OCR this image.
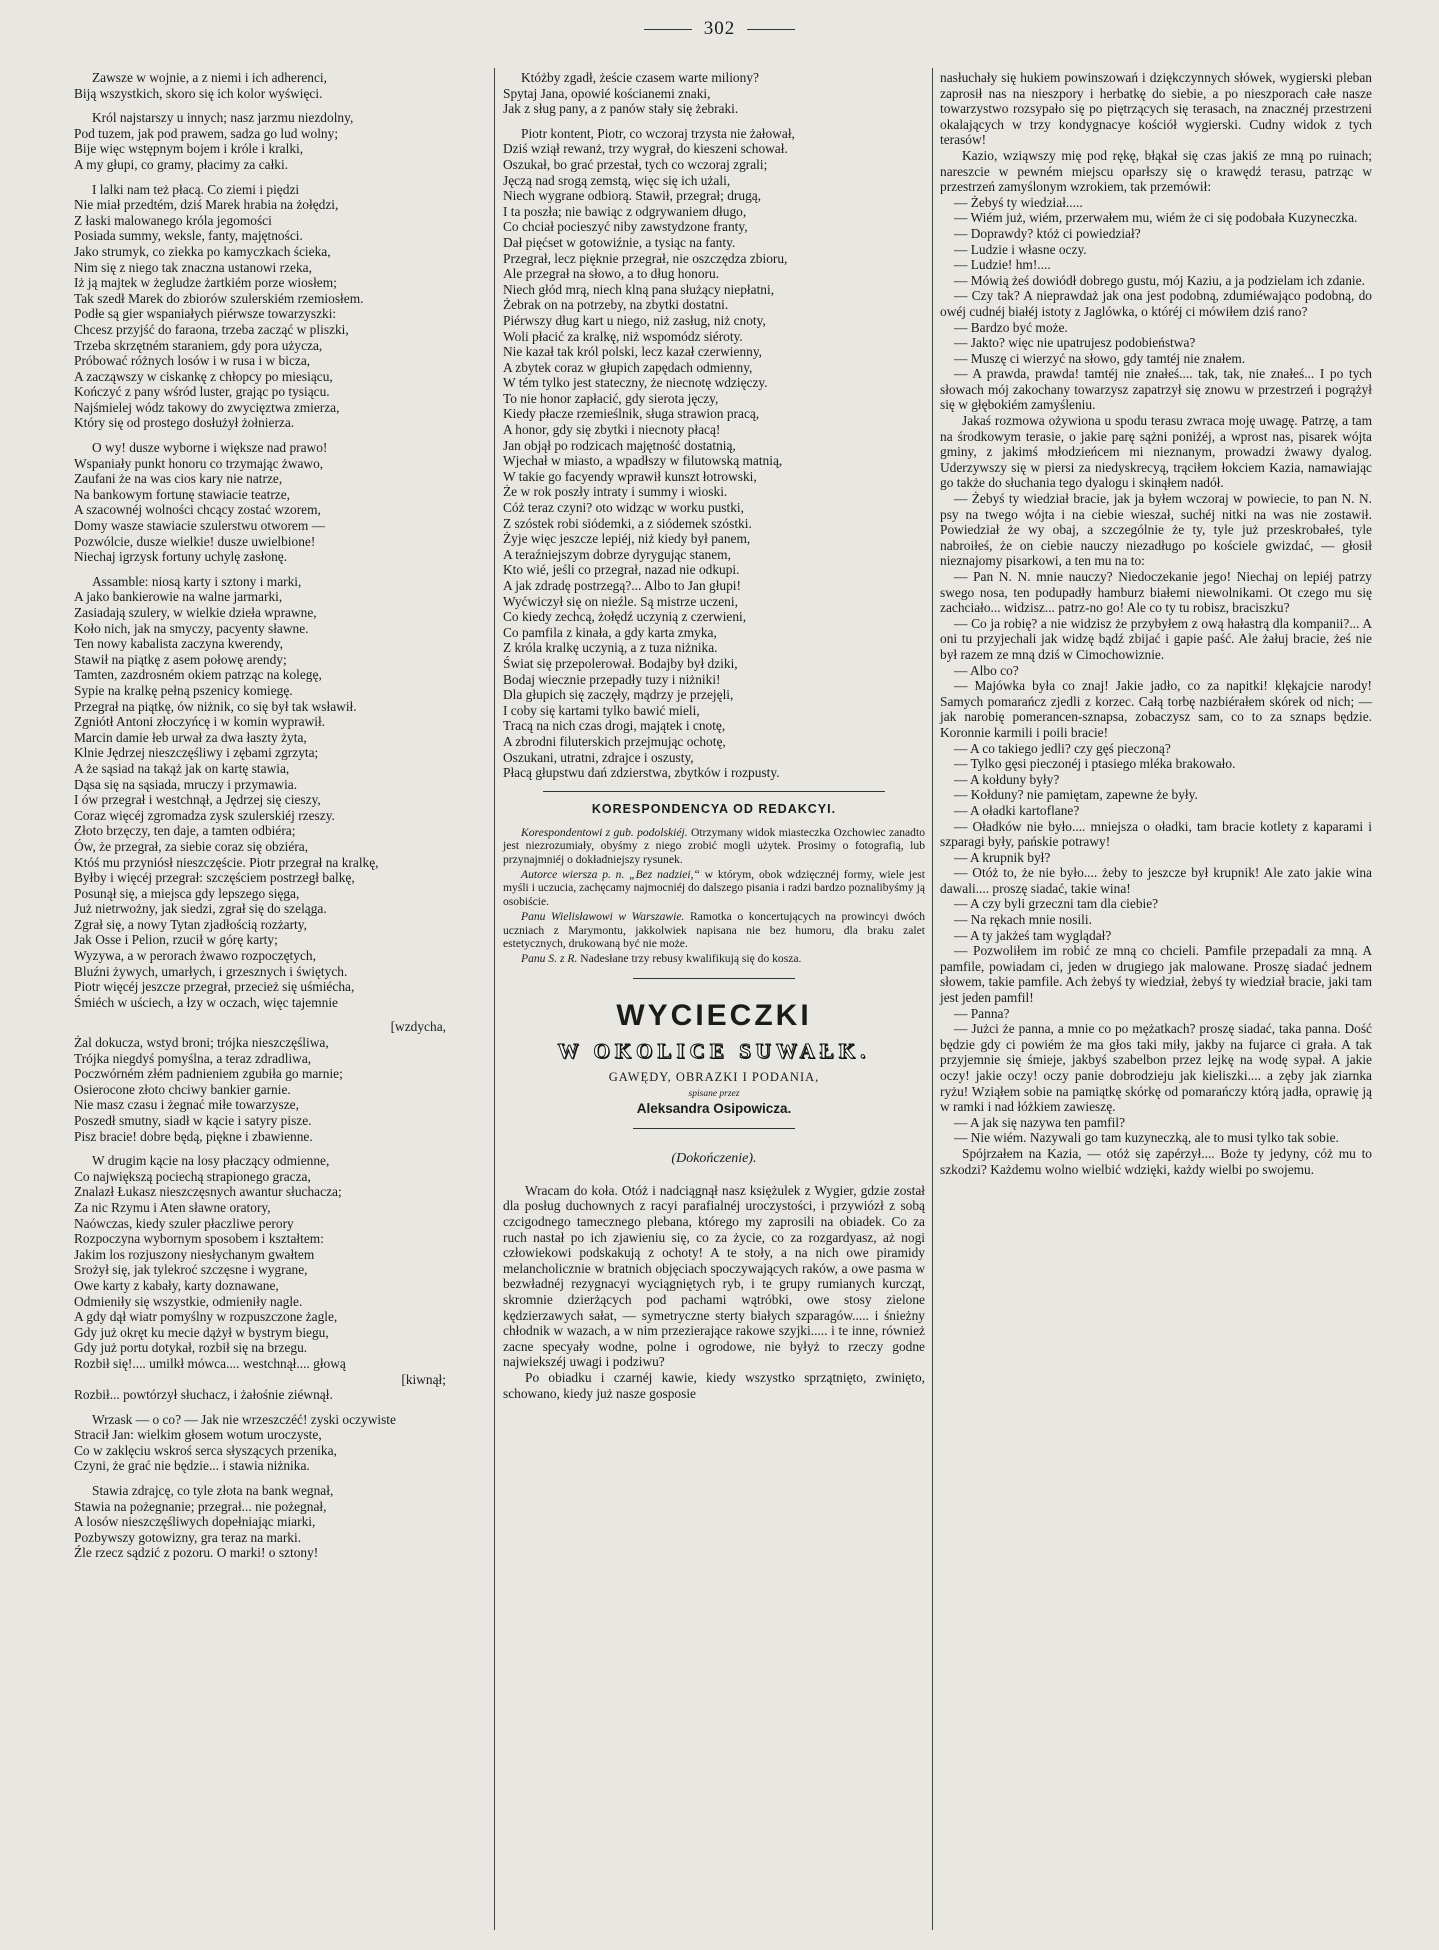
302
Zawsze w wojnie, a z niemi i ich adherenci,
Biją wszystkich, skoro się ich kolor wyświęci.
Król najstarszy u innych; nasz jarzmu niezdolny,
Pod tuzem, jak pod prawem, sadza go lud wolny;
Bije więc wstępnym bojem i króle i kralki,
A my głupi, co gramy, płacimy za całki.
I lalki nam też płacą. Co ziemi i piędzi
Nie miał przedtém, dziś Marek hrabia na żołędzi,
Z łaski malowanego króla jegomości
Posiada summy, weksle, fanty, majętności.
Jako strumyk, co ziekka po kamyczkach ścieka,
Nim się z niego tak znaczna ustanowi rzeka,
Iż ją majtek w żegludze żartkiém porze wiosłem;
Tak szedł Marek do zbiorów szulerskiém rzemiosłem.
Podłe są gier wspaniałych piérwsze towarzyszki:
Chcesz przyjść do faraona, trzeba zacząć w pliszki,
Trzeba skrzętném staraniem, gdy pora użycza,
Próbować różnych losów i w rusa i w bicza,
A zacząwszy w ciskankę z chłopcy po miesiącu,
Kończyć z pany wśród luster, grając po tysiącu.
Najśmielej wódz takowy do zwycięztwa zmierza,
Który się od prostego dosłużył żołnierza.
O wy! dusze wyborne i większe nad prawo!
Wspaniały punkt honoru co trzymając żwawo,
Zaufani że na was cios kary nie natrze,
Na bankowym fortunę stawiacie teatrze,
A szacownéj wolności chcący zostać wzorem,
Domy wasze stawiacie szulerstwu otworem —
Pozwólcie, dusze wielkie! dusze uwielbione!
Niechaj igrzysk fortuny uchylę zasłonę.
Assamble: niosą karty i sztony i marki,
A jako bankierowie na walne jarmarki,
Zasiadają szulery, w wielkie dzieła wprawne,
Koło nich, jak na smyczy, pacyenty sławne.
Ten nowy kabalista zaczyna kwerendy,
Stawił na piątkę z asem połowę arendy;
Tamten, zazdrosném okiem patrząc na kolegę,
Sypie na kralkę pełną pszenicy komiegę.
Przegrał na piątkę, ów niżnik, co się był tak wsławił.
Zgniótł Antoni złoczyńcę i w komin wyprawił.
Marcin damie łeb urwał za dwa łaszty żyta,
Klnie Jędrzej nieszczęśliwy i zębami zgrzyta;
A że sąsiad na takąż jak on kartę stawia,
Dąsa się na sąsiada, mruczy i przymawia.
I ów przegrał i westchnął, a Jędrzej się cieszy,
Coraz więcéj zgromadza zysk szulerskiéj rzeszy.
Złoto brzęczy, ten daje, a tamten odbiéra;
Ów, że przegrał, za siebie coraz się obziéra,
Któś mu przyniósł nieszczęście. Piotr przegrał na kralkę,
Byłby i więcéj przegrał: szczęściem postrzegł balkę,
Posunął się, a miejsca gdy lepszego sięga,
Już nietrwożny, jak siedzi, zgrał się do szeląga.
Zgrał się, a nowy Tytan zjadłością rozżarty,
Jak Osse i Pelion, rzucił w górę karty;
Wyzywa, a w perorach żwawo rozpoczętych,
Bluźni żywych, umarłych, i grzesznych i świętych.
Piotr więcéj jeszcze przegrał, przecież się uśmiécha,
Śmiéch w uściech, a łzy w oczach, więc tajemnie
[wzdycha,
Żal dokucza, wstyd broni; trójka nieszczęśliwa,
Trójka niegdyś pomyślna, a teraz zdradliwa,
Poczwórném złém padnieniem zgubiła go marnie;
Osierocone złoto chciwy bankier garnie.
Nie masz czasu i żegnać miłe towarzysze,
Poszedł smutny, siadł w kącie i satyry pisze.
Pisz bracie! dobre będą, piękne i zbawienne.
W drugim kącie na losy płaczący odmienne,
Co największą pociechą strapionego gracza,
Znalazł Łukasz nieszczęsnych awantur słuchacza;
Za nic Rzymu i Aten sławne oratory,
Naówczas, kiedy szuler płaczliwe perory
Rozpoczyna wybornym sposobem i kształtem:
Jakim los rozjuszony niesłychanym gwałtem
Srożył się, jak tylekroć szczęsne i wygrane,
Owe karty z kabały, karty doznawane,
Odmieniły się wszystkie, odmieniły nagle.
A gdy dął wiatr pomyślny w rozpuszczone żagle,
Gdy już okręt ku mecie dążył w bystrym biegu,
Gdy już portu dotykał, rozbił się na brzegu.
Rozbił się!.... umilkł mówca.... westchnął.... głową
[kiwnął;
Rozbił... powtórzył słuchacz, i żałośnie ziéwnął.
Wrzask — o co? — Jak nie wrzeszczéć! zyski oczywiste
Stracił Jan: wielkim głosem wotum uroczyste,
Co w zaklęciu wskroś serca słyszących przenika,
Czyni, że grać nie będzie... i stawia niżnika.
Stawia zdrajcę, co tyle złota na bank wegnał,
Stawia na pożegnanie; przegrał... nie pożegnał,
A losów nieszczęśliwych dopełniając miarki,
Pozbywszy gotowizny, gra teraz na marki.
Źle rzecz sądzić z pozoru. O marki! o sztony!
Któżby zgadł, żeście czasem warte miliony?
Spytaj Jana, opowié kościanemi znaki,
Jak z sług pany, a z panów stały się żebraki.
Piotr kontent, Piotr, co wczoraj trzysta nie żałował,
Dziś wziął rewanż, trzy wygrał, do kieszeni schował.
Oszukał, bo grać przestał, tych co wczoraj zgrali;
Jęczą nad srogą zemstą, więc się ich użali,
Niech wygrane odbiorą. Stawił, przegrał; drugą,
I ta poszła; nie bawiąc z odgrywaniem długo,
Co chciał pocieszyć niby zawstydzone franty,
Dał pięćset w gotowiźnie, a tysiąc na fanty.
Przegrał, lecz pięknie przegrał, nie oszczędza zbioru,
Ale przegrał na słowo, a to dług honoru.
Niech głód mrą, niech klną pana służący niepłatni,
Żebrak on na potrzeby, na zbytki dostatni.
Piérwszy dług kart u niego, niż zasług, niż cnoty,
Woli płacić za kralkę, niż wspomódz siéroty.
Nie kazał tak król polski, lecz kazał czerwienny,
A zbytek coraz w głupich zapędach odmienny,
W tém tylko jest stateczny, że niecnotę wdzięczy.
To nie honor zapłacić, gdy sierota jęczy,
Kiedy płacze rzemieślnik, sługa strawion pracą,
A honor, gdy się zbytki i niecnoty płacą!
Jan objął po rodzicach majętność dostatnią,
Wjechał w miasto, a wpadłszy w filutowską matnią,
W takie go facyendy wprawił kunszt łotrowski,
Że w rok poszły intraty i summy i wioski.
Cóż teraz czyni? oto widząc w worku pustki,
Z szóstek robi siódemki, a z siódemek szóstki.
Żyje więc jeszcze lepiéj, niż kiedy był panem,
A teraźniejszym dobrze dyrygując stanem,
Kto wié, jeśli co przegrał, nazad nie odkupi.
A jak zdradę postrzegą?... Albo to Jan głupi!
Wyćwiczył się on nieźle. Są mistrze uczeni,
Co kiedy zechcą, żołędź uczynią z czerwieni,
Co pamfila z kinała, a gdy karta zmyka,
Z króla kralkę uczynią, a z tuza niżnika.
Świat się przepolerował. Bodajby był dziki,
Bodaj wiecznie przepadły tuzy i niżniki!
Dla głupich się zaczęły, mądrzy je przejęli,
I coby się kartami tylko bawić mieli,
Tracą na nich czas drogi, majątek i cnotę,
A zbrodni filuterskich przejmując ochotę,
Oszukani, utratni, zdrajce i oszusty,
Płacą głupstwu dań zdzierstwa, zbytków i rozpusty.
KORESPONDENCYA OD REDAKCYI.

Korespondentowi z gub. podolskiéj. Otrzymany widok miasteczka Ozchowiec zanadto jest niezrozumiały, obyśmy z niego zrobić mogli użytek. Prosimy o fotografią, lub przynajmniéj o dokładniejszy rysunek.

Autorce wiersza p. n. „Bez nadziei,“ w którym, obok wdzięcznéj formy, wiele jest myśli i uczucia, zachęcamy najmocniéj do dalszego pisania i radzi bardzo poznalibyśmy ją osobiście.

Panu Wielisławowi w Warszawie. Ramotka o koncertujących na prowincyi dwóch uczniach z Marymontu, jakkolwiek napisana nie bez humoru, dla braku zalet estetycznych, drukowaną być nie może.

Panu S. z R. Nadesłane trzy rebusy kwalifikują się do kosza.

WYCIECZKI
W OKOLICE SUWAŁK.
GAWĘDY, OBRAZKI I PODANIA,
spisane przez
Aleksandra Osipowicza.
(Dokończenie).

Wracam do koła. Otóż i nadciągnął nasz księżulek z Wygier, gdzie został dla posług duchownych z racyi parafialnéj uroczystości, i przywiózł z sobą czcigodnego tamecznego plebana, którego my zaprosili na obiadek. Co za ruch nastał po ich zjawieniu się, co za życie, co za rozgardyasz, aż nogi człowiekowi podskakują z ochoty! A te stoły, a na nich owe piramidy melancholicznie w bratnich objęciach spoczywających raków, a owe pasma w bezwładnéj rezygnacyi wyciągniętych ryb, i te grupy rumianych kurcząt, skromnie dzierżących pod pachami wątróbki, owe stosy zielone kędzierzawych sałat, — symetryczne sterty białych szparagów..... i śnieżny chłodnik w wazach, a w nim przezierające rakowe szyjki..... i te inne, również zacne specyały wodne, polne i ogrodowe, nie byłyż to rzeczy godne najwiekszéj uwagi i podziwu?

Po obiadku i czarnéj kawie, kiedy wszystko sprzątnięto, zwinięto, schowano, kiedy już nasze gosposie

nasłuchały się hukiem powinszowań i dziękczynnych słówek, wygierski pleban zaprosił nas na nieszpory i herbatkę do siebie, a po nieszporach całe nasze towarzystwo rozsypało się po piętrzących się terasach, na znacznéj przestrzeni okalających w trzy kondygnacye kościół wygierski. Cudny widok z tych terasów!

Kazio, wziąwszy mię pod rękę, błąkał się czas jakiś ze mną po ruinach; nareszcie w pewném miejscu oparłszy się o krawędź terasu, patrząc w przestrzeń zamyślonym wzrokiem, tak przemówił:

— Żebyś ty wiedział.....

— Wiém już, wiém, przerwałem mu, wiém że ci się podobała Kuzyneczka.

— Doprawdy? któż ci powiedział?

— Ludzie i własne oczy.

— Ludzie! hm!....

— Mówią żeś dowiódł dobrego gustu, mój Kaziu, a ja podzielam ich zdanie.

— Czy tak? A nieprawdaż jak ona jest podobną, zdumiéwająco podobną, do owéj cudnéj białéj istoty z Jaglówka, o któréj ci mówiłem dziś rano?

— Bardzo być może.

— Jakto? więc nie upatrujesz podobieństwa?

— Muszę ci wierzyć na słowo, gdy tamtéj nie znałem.

— A prawda, prawda! tamtéj nie znałeś.... tak, tak, nie znałeś... I po tych słowach mój zakochany towarzysz zapatrzył się znowu w przestrzeń i pogrążył się w głębokiém zamyśleniu.

Jakaś rozmowa ożywiona u spodu terasu zwraca moję uwagę. Patrzę, a tam na środkowym terasie, o jakie parę sążni poniżéj, a wprost nas, pisarek wójta gminy, z jakimś młodzieńcem mi nieznanym, prowadzi żwawy dyalog. Uderzywszy się w piersi za niedyskrecyą, trąciłem łokciem Kazia, namawiając go także do słuchania tego dyalogu i skinąłem nadół.

— Żebyś ty wiedział bracie, jak ja byłem wczoraj w powiecie, to pan N. N. psy na twego wójta i na ciebie wieszał, suchéj nitki na was nie zostawił. Powiedział że wy obaj, a szczególnie że ty, tyle już przeskrobałeś, tyle nabroiłeś, że on ciebie nauczy niezadługo po kościele gwizdać, — głosił nieznajomy pisarkowi, a ten mu na to:

— Pan N. N. mnie nauczy? Niedoczekanie jego! Niechaj on lepiéj patrzy swego nosa, ten podupadły hamburz białemi niewolnikami. Ot czego mu się zachciało... widzisz... patrz-no go! Ale co ty tu robisz, braciszku?

— Co ja robię? a nie widzisz że przybyłem z ową hałastrą dla kompanii?... A oni tu przyjechali jak widzę bądź zbijać i gapie paść. Ale żałuj bracie, żeś nie był razem ze mną dziś w Cimochowiznie.

— Albo co?

— Majówka była co znaj! Jakie jadło, co za napitki! klękajcie narody! Samych pomarańcz zjedli z korzec. Całą torbę nazbiérałem skórek od nich; — jak narobię pomerancen-sznapsa, zobaczysz sam, co to za sznaps będzie. Koronnie karmili i poili bracie!

— A co takiego jedli? czy gęś pieczoną?

— Tylko gęsi pieczonéj i ptasiego mléka brakowało.

— A kołduny były?

— Kołduny? nie pamiętam, zapewne że były.

— A oładki kartoflane?

— Oładków nie było.... mniejsza o oładki, tam bracie kotlety z kaparami i szparagi były, pańskie potrawy!

— A krupnik był?

— Otóż to, że nie było.... żeby to jeszcze był krupnik! Ale zato jakie wina dawali.... proszę siadać, takie wina!

— A czy byli grzeczni tam dla ciebie?

— Na rękach mnie nosili.

— A ty jakżeś tam wyglądał?

— Pozwoliłem im robić ze mną co chcieli. Pamfile przepadali za mną. A pamfile, powiadam ci, jeden w drugiego jak malowane. Proszę siadać jednem słowem, takie pamfile. Ach żebyś ty wiedział, żebyś ty wiedział bracie, jaki tam jest jeden pamfil!

— Panna?

— Jużci że panna, a mnie co po mężatkach? proszę siadać, taka panna. Dość będzie gdy ci powiém że ma głos taki miły, jakby na fujarce ci grała. A tak przyjemnie się śmieje, jakbyś szabelbon przez lejkę na wodę sypał. A jakie oczy! jakie oczy! oczy panie dobrodzieju jak kieliszki.... a zęby jak ziarnka ryżu! Wziąłem sobie na pamiątkę skórkę od pomarańczy którą jadła, oprawię ją w ramki i nad łóżkiem zawieszę.

— A jak się nazywa ten pamfil?

— Nie wiém. Nazywali go tam kuzyneczką, ale to musi tylko tak sobie.

Spójrzałem na Kazia, — otóż się zapérzył.... Boże ty jedyny, cóż mu to szkodzi? Każdemu wolno wielbić wdzięki, każdy wielbi po swojemu.
